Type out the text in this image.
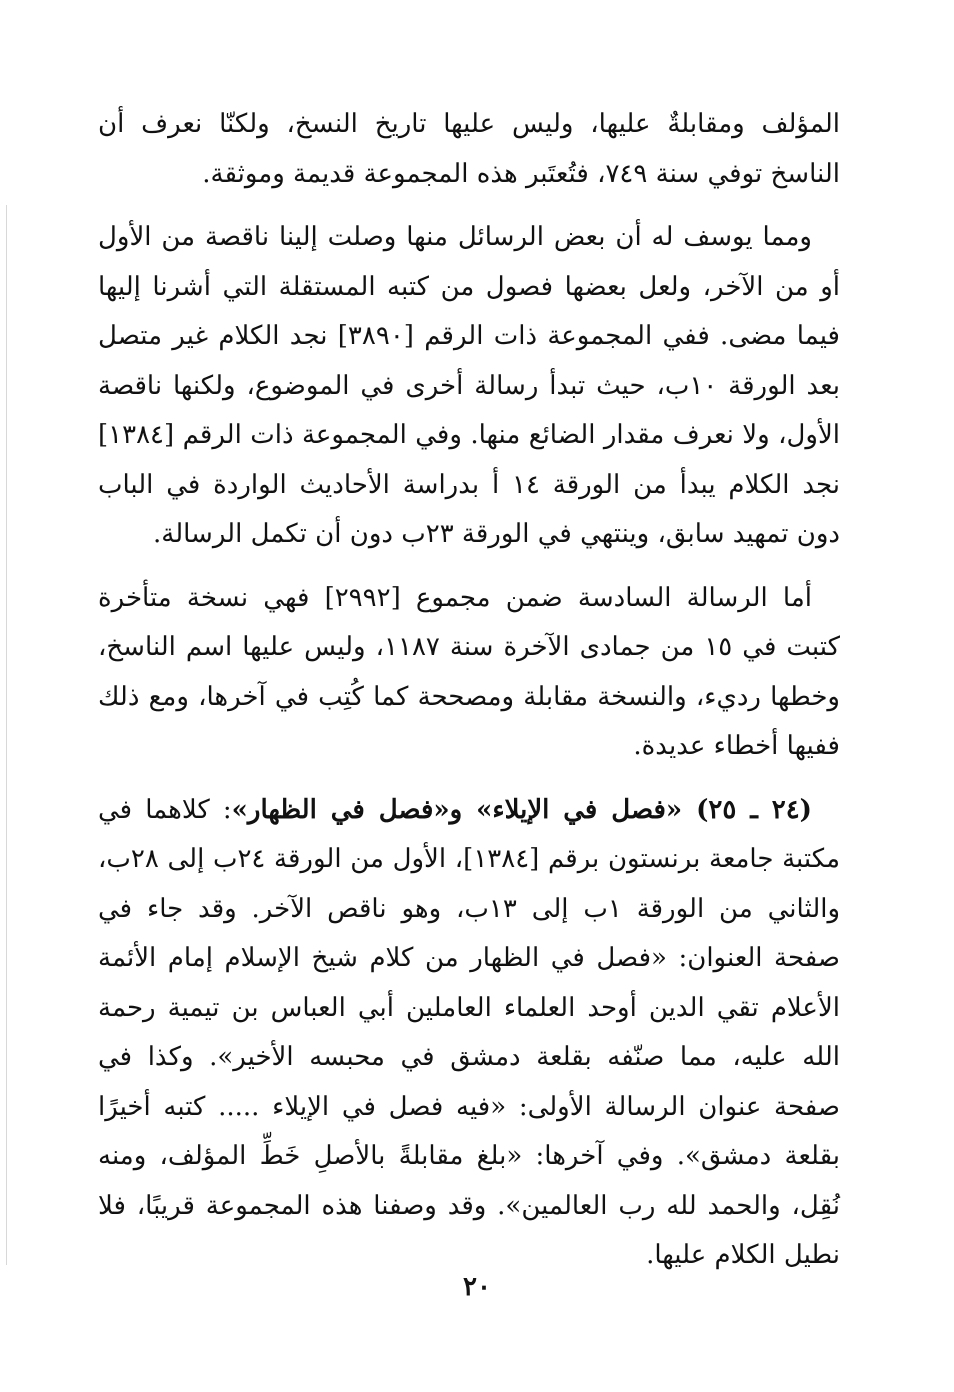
المؤلف ومقابلةٌ عليها، وليس عليها تاريخ النسخ، ولكنّا نعرف أن الناسخ توفي سنة ٧٤٩، فتُعتَبر هذه المجموعة قديمة وموثقة.

ومما يوسف له أن بعض الرسائل منها وصلت إلينا ناقصة من الأول أو من الآخر، ولعل بعضها فصول من كتبه المستقلة التي أشرنا إليها فيما مضى. ففي المجموعة ذات الرقم [٣٨٩٠] نجد الكلام غير متصل بعد الورقة ١٠ب، حيث تبدأ رسالة أخرى في الموضوع، ولكنها ناقصة الأول، ولا نعرف مقدار الضائع منها. وفي المجموعة ذات الرقم [١٣٨٤] نجد الكلام يبدأ من الورقة ١٤ أ بدراسة الأحاديث الواردة في الباب دون تمهيد سابق، وينتهي في الورقة ٢٣ب دون أن تكمل الرسالة.

أما الرسالة السادسة ضمن مجموع [٢٩٩٢] فهي نسخة متأخرة كتبت في ١٥ من جمادى الآخرة سنة ١١٨٧، وليس عليها اسم الناسخ، وخطها رديء، والنسخة مقابلة ومصححة كما كُتِب في آخرها، ومع ذلك ففيها أخطاء عديدة.

(٢٤ ـ ٢٥) «فصل في الإيلاء» و«فصل في الظهار»: كلاهما في مكتبة جامعة برنستون برقم [١٣٨٤]، الأول من الورقة ٢٤ب إلى ٢٨ب، والثاني من الورقة ١ب إلى ١٣ب، وهو ناقص الآخر. وقد جاء في صفحة العنوان: «فصل في الظهار من كلام شيخ الإسلام إمام الأئمة الأعلام تقي الدين أوحد العلماء العاملين أبي العباس بن تيمية رحمة الله عليه، مما صنّفه بقلعة دمشق في محبسه الأخير». وكذا في صفحة عنوان الرسالة الأولى: «فيه فصل في الإيلاء ..... كتبه أخيرًا بقلعة دمشق». وفي آخرها: «بلغ مقابلةً بالأصلِ خَطِّ المؤلف، ومنه نُقِل، والحمد لله رب العالمين». وقد وصفنا هذه المجموعة قريبًا، فلا نطيل الكلام عليها.

٢٠
